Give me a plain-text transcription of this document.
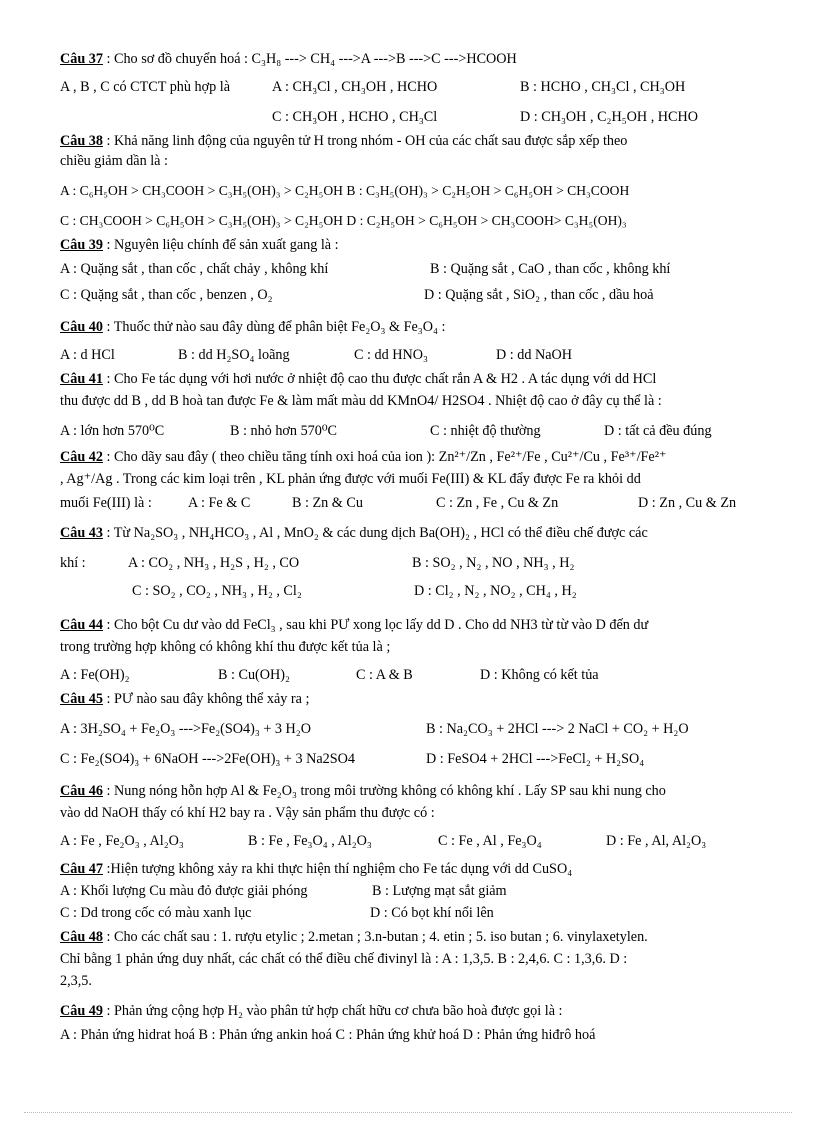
Câu 37 : Cho sơ đồ chuyển hoá : C₃H₈ ---> CH₄ --->A --->B --->C --->HCOOH
A , B , C có CTCT phù hợp là	A : CH₃Cl , CH₃OH , HCHO	B : HCHO , CH₃Cl , CH₃OH
C : CH₃OH , HCHO , CH₃Cl	D : CH₃OH , C₂H₅OH , HCHO
Câu 38 : Khả năng linh động của nguyên tử H trong nhóm - OH của các chất sau được sắp xếp theo
chiều giảm dần là :
A : C₆H₅OH > CH₃COOH > C₃H₅(OH)₃ > C₂H₅OH B : C₃H₅(OH)₃ > C₂H₅OH > C₆H₅OH > CH₃COOH
C : CH₃COOH > C₆H₅OH > C₃H₅(OH)₃ > C₂H₅OH D : C₂H₅OH > C₆H₅OH > CH₃COOH> C₃H₅(OH)₃
Câu 39 : Nguyên liệu chính để sản xuất gang là :
A : Quặng sắt , than cốc , chất chảy , không khí	B : Quặng sắt , CaO , than cốc , không khí
C : Quặng sắt , than cốc , benzen , O₂	D : Quặng sắt , SiO₂ , than cốc , dầu hoả
Câu 40 : Thuốc thử nào sau đây dùng để phân biệt Fe₂O₃ & Fe₃O₄ :
A : d HCl	B : dd H₂SO₄ loãng	C : dd HNO₃	D : dd NaOH
Câu 41 : Cho Fe tác dụng với hơi nước ở nhiệt độ cao thu được chất rắn A & H2 . A tác dụng với dd HCl
thu được dd B , dd B hoà tan được Fe & làm mất màu dd KMnO4/ H2SO4 . Nhiệt độ cao ở đây cụ thể là :
A : lớn hơn 570⁰C	B : nhỏ hơn 570⁰C	C : nhiệt độ thường	D : tất cả đều đúng
Câu 42 : Cho dãy sau đây ( theo chiều tăng tính oxi hoá của ion ): Zn²⁺/Zn , Fe²⁺/Fe , Cu²⁺/Cu , Fe³⁺/Fe²⁺
, Ag⁺/Ag . Trong các kim loại trên , KL phản ứng được với muối Fe(III) & KL đẩy được Fe ra khỏi dd
muối Fe(III) là :	A : Fe & C	B : Zn & Cu	C : Zn , Fe , Cu & Zn	D : Zn , Cu & Zn
Câu 43 : Từ Na₂SO₃ , NH₄HCO₃ , Al , MnO₂ & các dung dịch Ba(OH)₂ , HCl có thể điều chế được các
khí :	A : CO₂ , NH₃ , H₂S , H₂ , CO	B : SO₂ , N₂ , NO , NH₃ , H₂
C : SO₂ , CO₂ , NH₃ , H₂ , Cl₂	D : Cl₂ , N₂ , NO₂ , CH₄ , H₂
Câu 44 : Cho bột Cu dư vào dd FeCl₃ , sau khi PƯ xong lọc lấy dd D . Cho dd NH3 từ từ vào D đến dư
trong trường hợp không có không khí thu được kết tủa là ;
A : Fe(OH)₂	B : Cu(OH)₂	C : A & B	D : Không có kết tủa
Câu 45 : PƯ nào sau đây không thể xảy ra ;
A : 3H₂SO₄ + Fe₂O₃ --->Fe₂(SO4)₃ + 3 H₂O	B : Na₂CO₃ + 2HCl ---> 2 NaCl + CO₂ + H₂O
C : Fe₂(SO4)₃ + 6NaOH --->2Fe(OH)₃ + 3 Na2SO4	D : FeSO4 + 2HCl --->FeCl₂ + H₂SO₄
Câu 46 : Nung nóng hỗn hợp Al & Fe₂O₃ trong môi trường không có không khí . Lấy SP sau khi nung cho
vào dd NaOH thấy có khí H2 bay ra . Vậy sản phẩm thu được có :
A : Fe , Fe₂O₃ , Al₂O₃	B : Fe , Fe₃O₄ , Al₂O₃	C : Fe , Al , Fe₃O₄	D : Fe , Al, Al₂O₃
Câu 47 :Hiện tượng không xảy ra khi thực hiện thí nghiệm cho Fe tác dụng với dd CuSO₄
A : Khối lượng Cu màu đỏ được giải phóng	B : Lượng mạt sắt giảm
C : Dd trong cốc có màu xanh lục	D : Có bọt khí nổi lên
Câu 48 : Cho các chất sau : 1. rượu etylic ; 2.metan ; 3.n-butan ; 4. etin ; 5. iso butan ; 6. vinylaxetylen.
Chỉ bằng 1 phản ứng duy nhất, các chất có thể điều chế đivinyl là : A : 1,3,5. B : 2,4,6. C : 1,3,6. D :
2,3,5.
Câu 49 : Phản ứng cộng hợp H₂ vào phân tử hợp chất hữu cơ chưa bão hoà được gọi là :
A : Phản ứng hidrat hoá B : Phản ứng ankin hoá C : Phản ứng khử hoá D : Phản ứng hiđrô hoá
